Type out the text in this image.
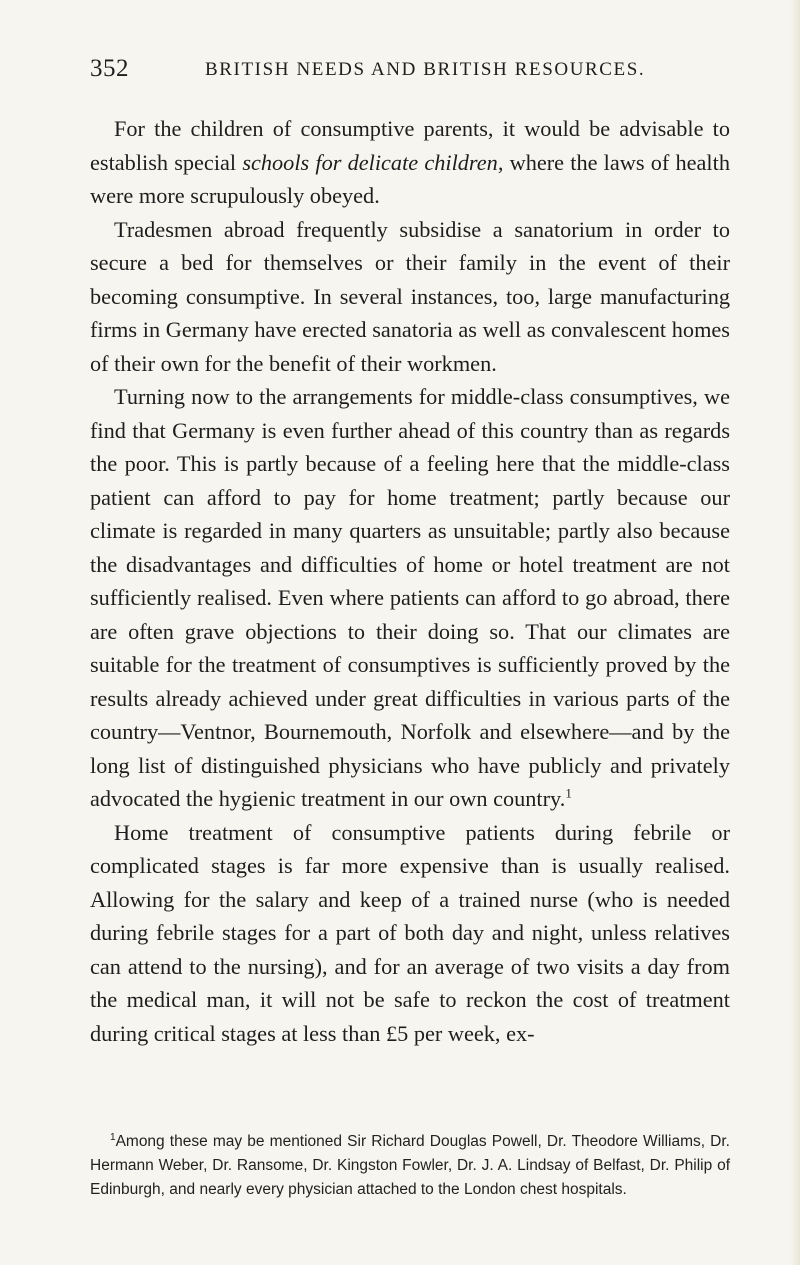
352	BRITISH NEEDS AND BRITISH RESOURCES.

For the children of consumptive parents, it would be advisable to establish special schools for delicate children, where the laws of health were more scrupulously obeyed.

Tradesmen abroad frequently subsidise a sanatorium in order to secure a bed for themselves or their family in the event of their becoming consumptive. In several instances, too, large manufacturing firms in Germany have erected sanatoria as well as convalescent homes of their own for the benefit of their workmen.

Turning now to the arrangements for middle-class consumptives, we find that Germany is even further ahead of this country than as regards the poor. This is partly because of a feeling here that the middle-class patient can afford to pay for home treatment; partly because our climate is regarded in many quarters as unsuitable; partly also because the disadvantages and difficulties of home or hotel treatment are not sufficiently realised. Even where patients can afford to go abroad, there are often grave objections to their doing so. That our climates are suitable for the treatment of consumptives is sufficiently proved by the results already achieved under great difficulties in various parts of the country—Ventnor, Bournemouth, Norfolk and elsewhere—and by the long list of distinguished physicians who have publicly and privately advocated the hygienic treatment in our own country.$^1$

Home treatment of consumptive patients during febrile or complicated stages is far more expensive than is usually realised. Allowing for the salary and keep of a trained nurse (who is needed during febrile stages for a part of both day and night, unless relatives can attend to the nursing), and for an average of two visits a day from the medical man, it will not be safe to reckon the cost of treatment during critical stages at less than £5 per week, ex-

$^1$Among these may be mentioned Sir Richard Douglas Powell, Dr. Theodore Williams, Dr. Hermann Weber, Dr. Ransome, Dr. Kingston Fowler, Dr. J. A. Lindsay of Belfast, Dr. Philip of Edinburgh, and nearly every physician attached to the London chest hospitals.
